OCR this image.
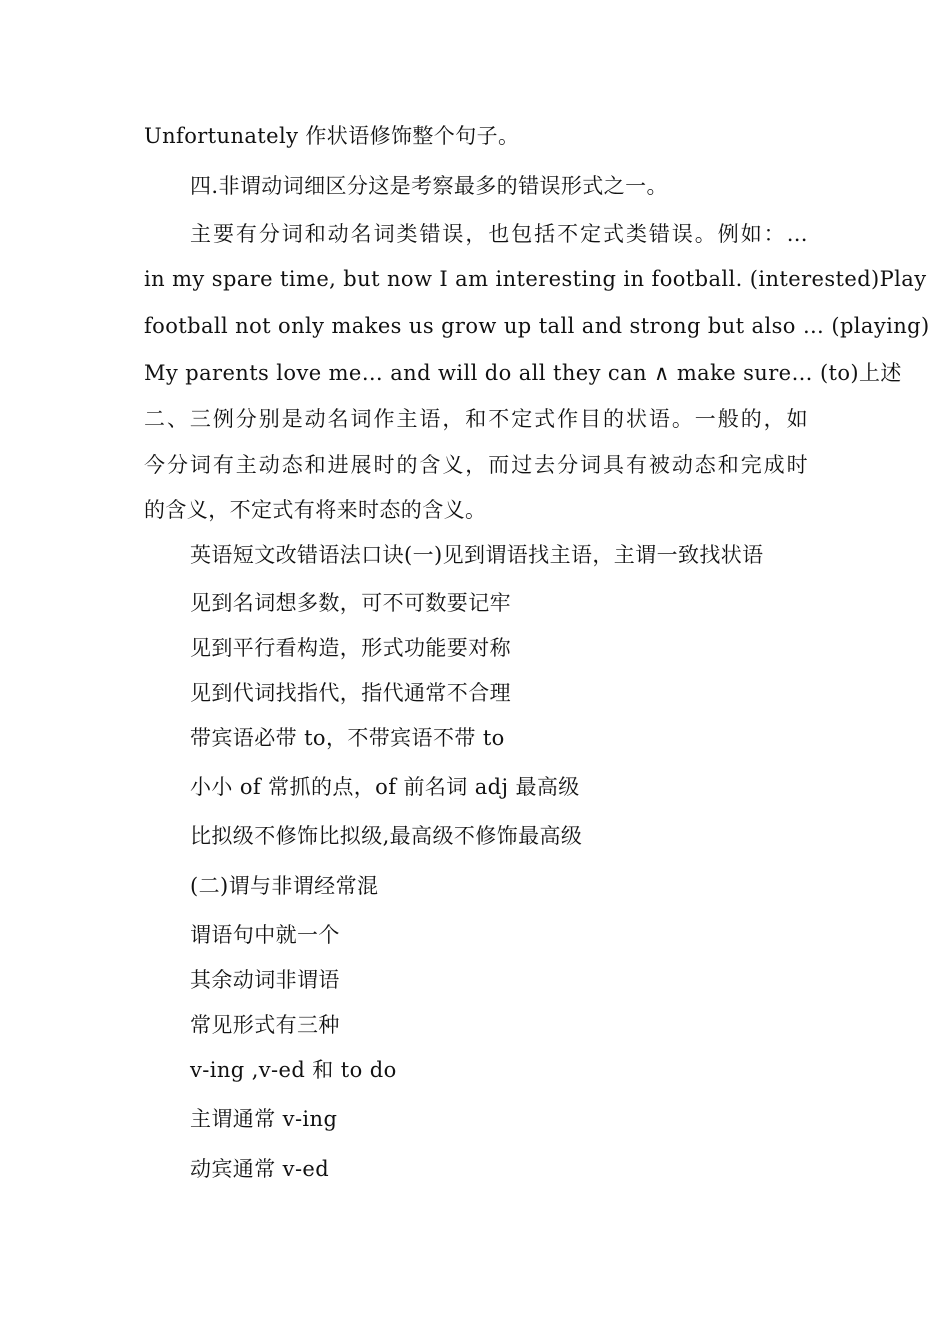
Unfortunately 作状语修饰整个句子。
四.非谓动词细区分这是考察最多的错误形式之一。
主要有分词和动名词类错误，也包括不定式类错误。例如：…
in my spare time, but now I am interesting in football. (interested)Play
football not only makes us grow up tall and strong but also … (playing)
My parents love me… and will do all they can ∧ make sure… (to)上述
二、三例分别是动名词作主语，和不定式作目的状语。一般的，如
今分词有主动态和进展时的含义，而过去分词具有被动态和完成时
的含义，不定式有将来时态的含义。
英语短文改错语法口诀(一)见到谓语找主语，主谓一致找状语
见到名词想多数，可不可数要记牢
见到平行看构造，形式功能要对称
见到代词找指代，指代通常不合理
带宾语必带 to，不带宾语不带 to
小小 of 常抓的点，of 前名词 adj 最高级
比拟级不修饰比拟级,最高级不修饰最高级
(二)谓与非谓经常混
谓语句中就一个
其余动词非谓语
常见形式有三种
v-ing ,v-ed 和 to do
主谓通常 v-ing
动宾通常 v-ed
